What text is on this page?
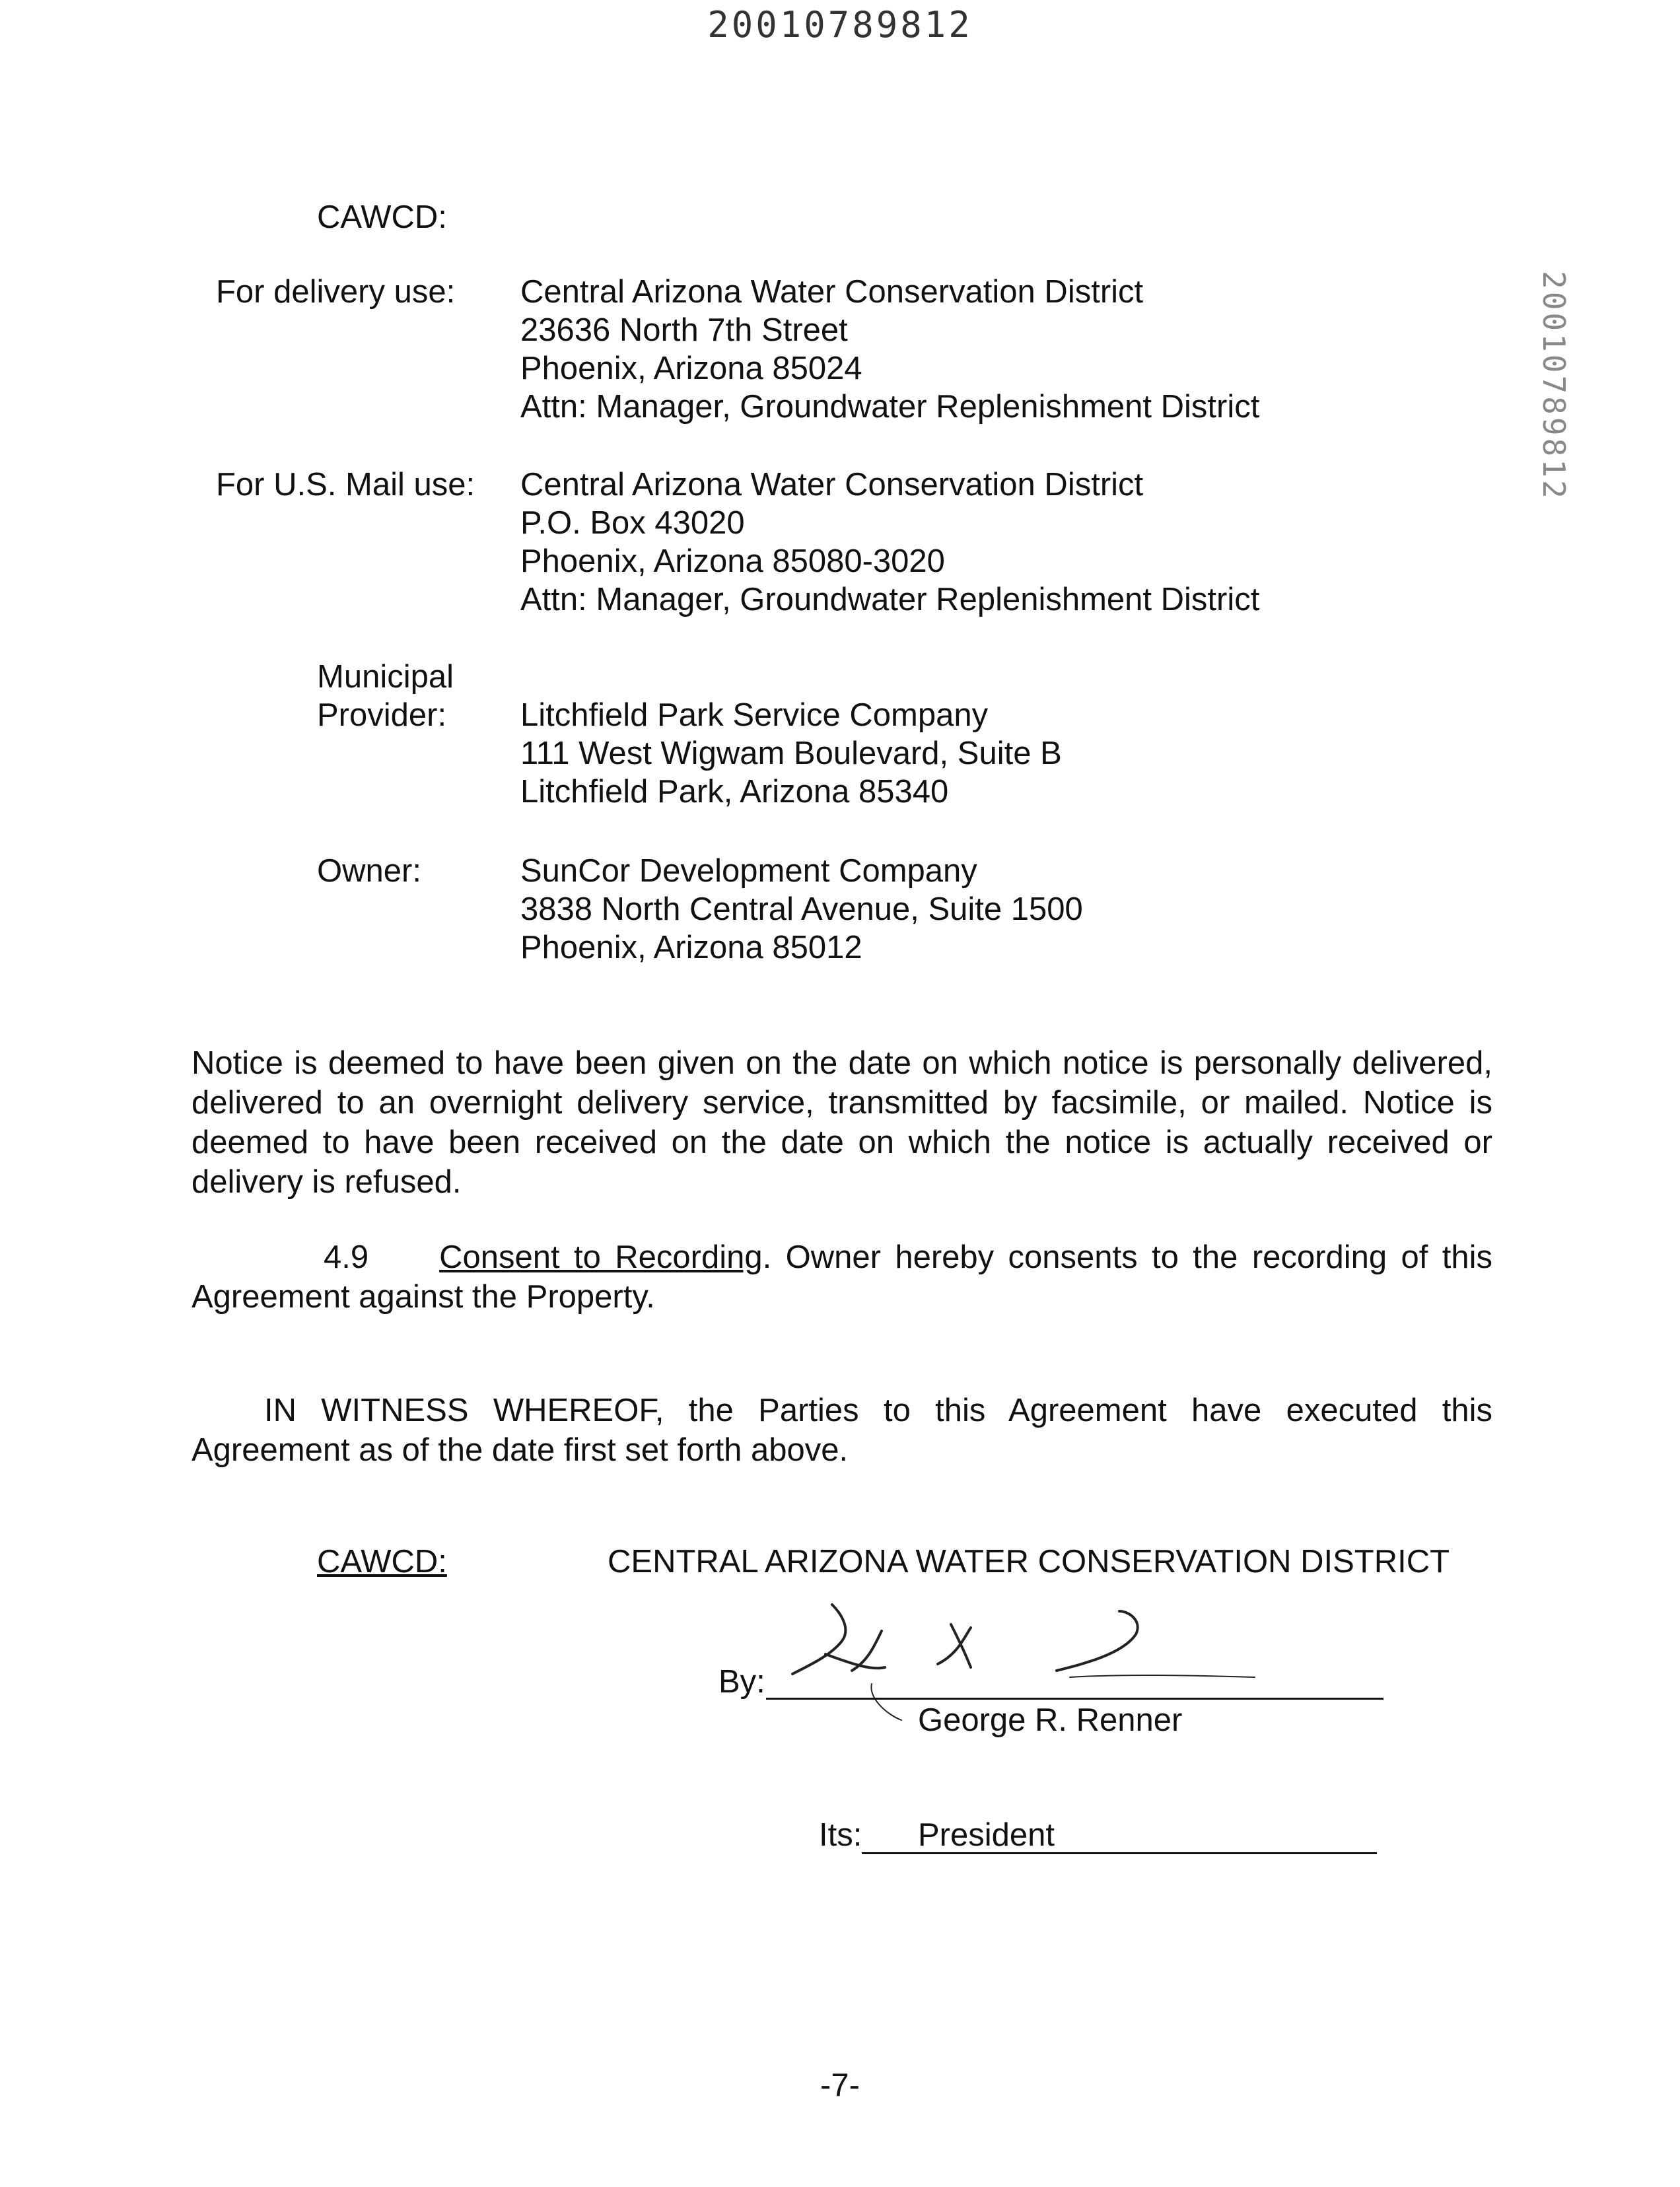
20010789812
20010789812
CAWCD:
For delivery use: Central Arizona Water Conservation District
23636 North 7th Street
Phoenix, Arizona 85024
Attn: Manager, Groundwater Replenishment District
For U.S. Mail use: Central Arizona Water Conservation District
P.O. Box 43020
Phoenix, Arizona 85080-3020
Attn: Manager, Groundwater Replenishment District
Municipal
Provider: Litchfield Park Service Company
111 West Wigwam Boulevard, Suite B
Litchfield Park, Arizona 85340
Owner:	SunCor Development Company
3838 North Central Avenue, Suite 1500
Phoenix, Arizona 85012
Notice is deemed to have been given on the date on which notice is personally delivered, delivered to an overnight delivery service, transmitted by facsimile, or mailed. Notice is deemed to have been received on the date on which the notice is actually received or delivery is refused.
4.9 Consent to Recording. Owner hereby consents to the recording of this Agreement against the Property.
IN WITNESS WHEREOF, the Parties to this Agreement have executed this Agreement as of the date first set forth above.
CAWCD:	CENTRAL ARIZONA WATER CONSERVATION DISTRICT
By:
George R. Renner
Its: President
-7-
